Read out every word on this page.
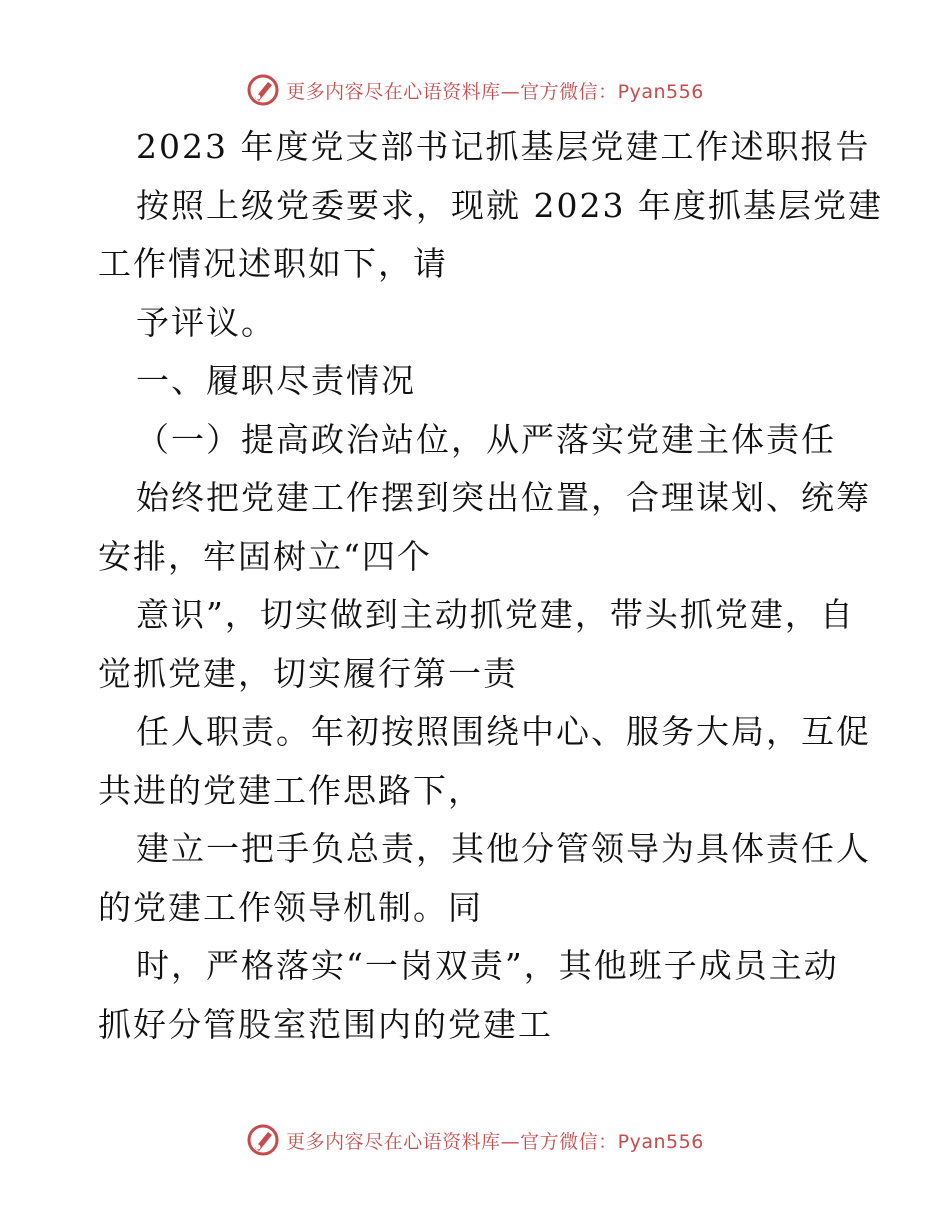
更多内容尽在心语资料库—官方微信：Pyan556
2023 年度党支部书记抓基层党建工作述职报告
按照上级党委要求，现就 2023 年度抓基层党建
工作情况述职如下，请
予评议。
一、履职尽责情况
（一）提高政治站位，从严落实党建主体责任
始终把党建工作摆到突出位置，合理谋划、统筹
安排，牢固树立“四个
意识”，切实做到主动抓党建，带头抓党建，自
觉抓党建，切实履行第一责
任人职责。年初按照围绕中心、服务大局，互促
共进的党建工作思路下，
建立一把手负总责，其他分管领导为具体责任人
的党建工作领导机制。同
时，严格落实“一岗双责”，其他班子成员主动
抓好分管股室范围内的党建工
更多内容尽在心语资料库—官方微信：Pyan556
